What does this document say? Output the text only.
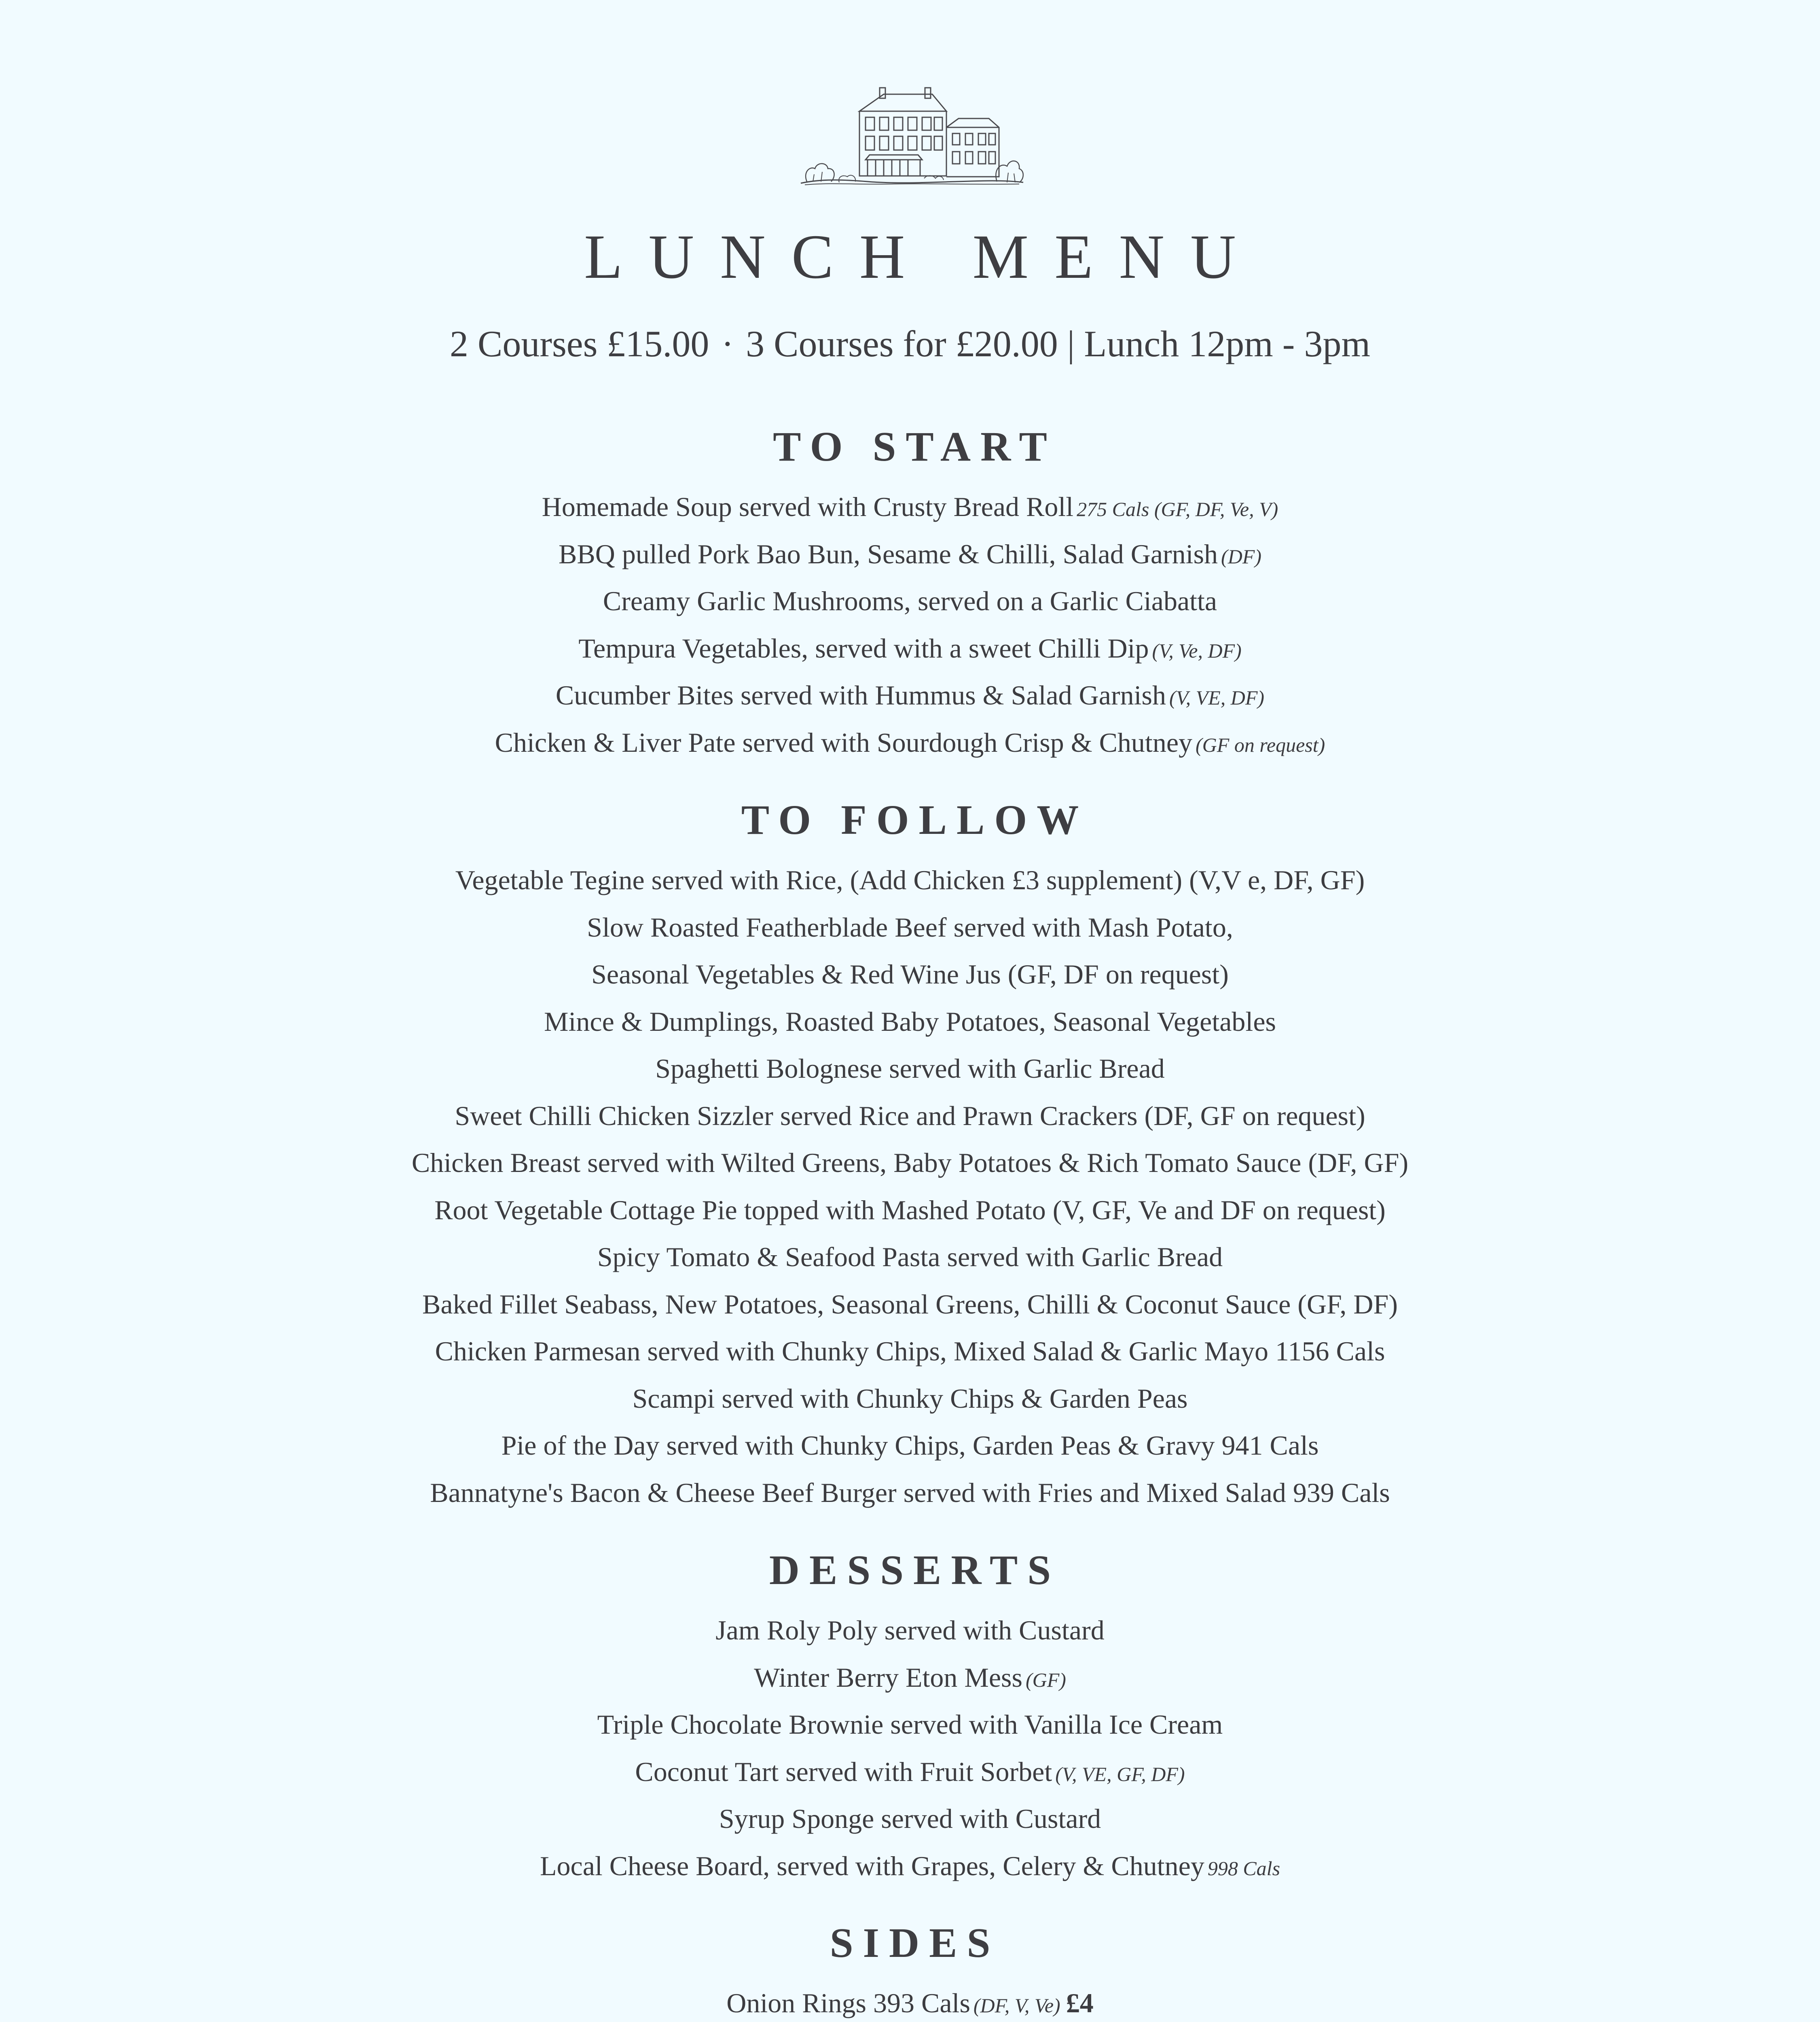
LUNCH MENU
2 Courses £15.00 · 3 Courses for £20.00 | Lunch 12pm - 3pm
TO START
Homemade Soup served with Crusty Bread Roll 275 Cals (GF, DF, Ve, V)
BBQ pulled Pork Bao Bun, Sesame & Chilli, Salad Garnish (DF)
Creamy Garlic Mushrooms, served on a Garlic Ciabatta
Tempura Vegetables, served with a sweet Chilli Dip (V, Ve, DF)
Cucumber Bites served with Hummus & Salad Garnish (V, VE, DF)
Chicken & Liver Pate served with Sourdough Crisp & Chutney (GF on request)
TO FOLLOW
Vegetable Tegine served with Rice, (Add Chicken £3 supplement) (V,V e, DF, GF)
Slow Roasted Featherblade Beef served with Mash Potato,
Seasonal Vegetables & Red Wine Jus (GF, DF on request)
Mince & Dumplings, Roasted Baby Potatoes, Seasonal Vegetables
Spaghetti Bolognese served with Garlic Bread
Sweet Chilli Chicken Sizzler served Rice and Prawn Crackers (DF, GF on request)
Chicken Breast served with Wilted Greens, Baby Potatoes & Rich Tomato Sauce (DF, GF)
Root Vegetable Cottage Pie topped with Mashed Potato (V, GF, Ve and DF on request)
Spicy Tomato & Seafood Pasta served with Garlic Bread
Baked Fillet Seabass, New Potatoes, Seasonal Greens, Chilli & Coconut Sauce (GF, DF)
Chicken Parmesan served with Chunky Chips, Mixed Salad & Garlic Mayo 1156 Cals
Scampi served with Chunky Chips & Garden Peas
Pie of the Day served with Chunky Chips, Garden Peas & Gravy 941 Cals
Bannatyne's Bacon & Cheese Beef Burger served with Fries and Mixed Salad 939 Cals
DESSERTS
Jam Roly Poly served with Custard
Winter Berry Eton Mess (GF)
Triple Chocolate Brownie served with Vanilla Ice Cream
Coconut Tart served with Fruit Sorbet (V, VE, GF, DF)
Syrup Sponge served with Custard
Local Cheese Board, served with Grapes, Celery & Chutney 998 Cals
SIDES
Onion Rings 393 Cals (DF, V, Ve) £4
